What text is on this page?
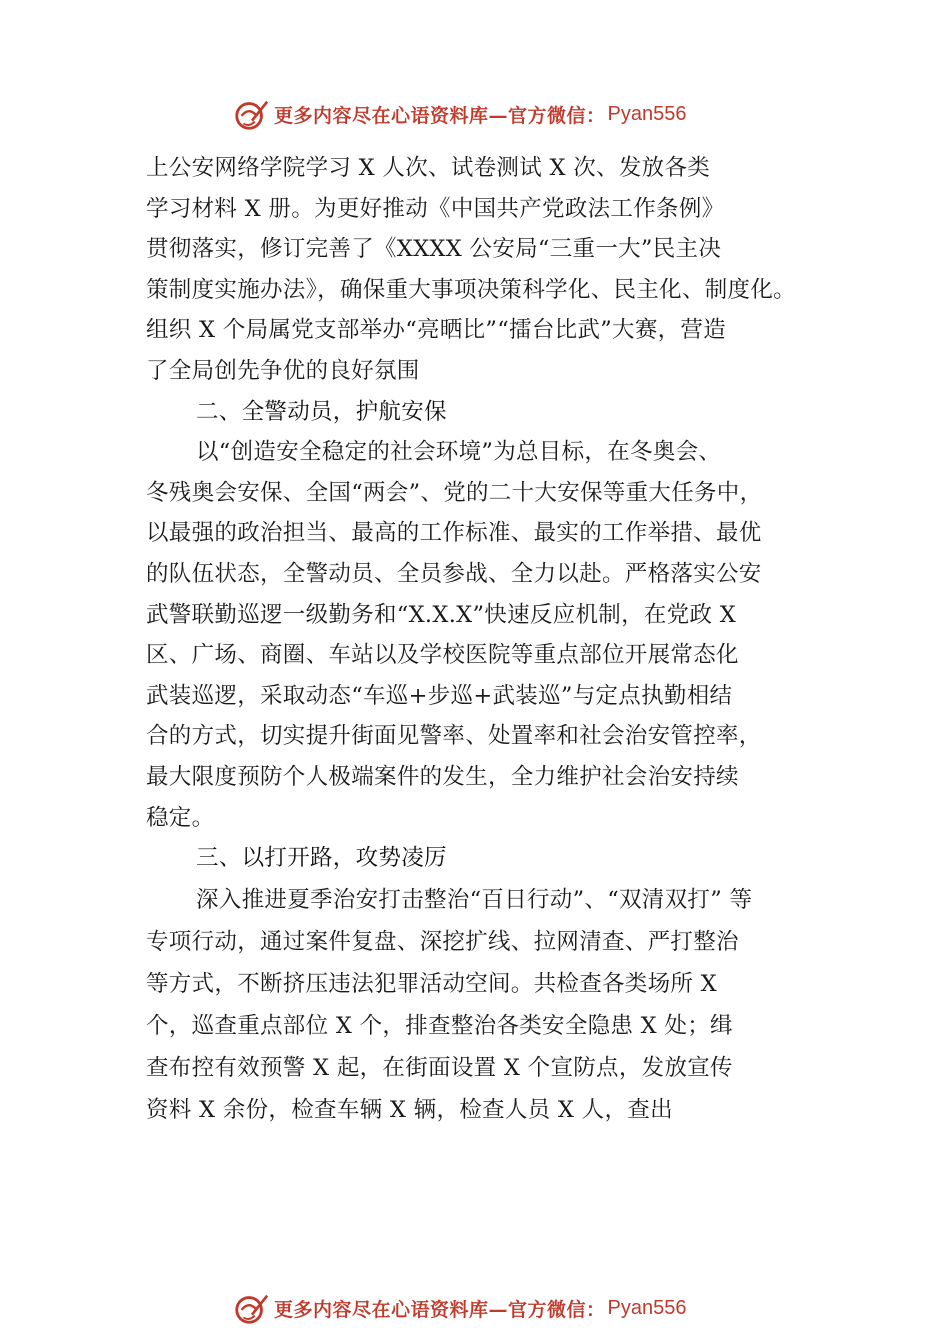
更多内容尽在心语资料库—官方微信： Pyan556
上公安网络学院学习 X 人次、试卷测试 X 次、发放各类
学习材料 X 册。为更好推动《中国共产党政法工作条例》
贯彻落实，修订完善了《XXXX 公安局“三重一大”民主决
策制度实施办法》，确保重大事项决策科学化、民主化、制度化。
组织 X 个局属党支部举办“亮晒比”“擂台比武”大赛，营造
了全局创先争优的良好氛围
二、全警动员，护航安保
以“创造安全稳定的社会环境”为总目标，在冬奥会、
冬残奥会安保、全国“两会”、党的二十大安保等重大任务中，
以最强的政治担当、最高的工作标准、最实的工作举措、最优
的队伍状态，全警动员、全员参战、全力以赴。严格落实公安
武警联勤巡逻一级勤务和“X.X.X”快速反应机制，在党政 X
区、广场、商圈、车站以及学校医院等重点部位开展常态化
武装巡逻，采取动态“车巡+步巡+武装巡”与定点执勤相结
合的方式，切实提升街面见警率、处置率和社会治安管控率，
最大限度预防个人极端案件的发生，全力维护社会治安持续
稳定。
三、以打开路，攻势凌厉
深入推进夏季治安打击整治“百日行动”、“双清双打” 等
专项行动，通过案件复盘、深挖扩线、拉网清查、严打整治
等方式，不断挤压违法犯罪活动空间。共检查各类场所 X
个，巡查重点部位 X 个，排查整治各类安全隐患 X 处；缉
查布控有效预警 X 起，在街面设置 X 个宣防点，发放宣传
资料 X 余份，检查车辆 X 辆，检查人员 X 人，查出
更多内容尽在心语资料库—官方微信： Pyan556
